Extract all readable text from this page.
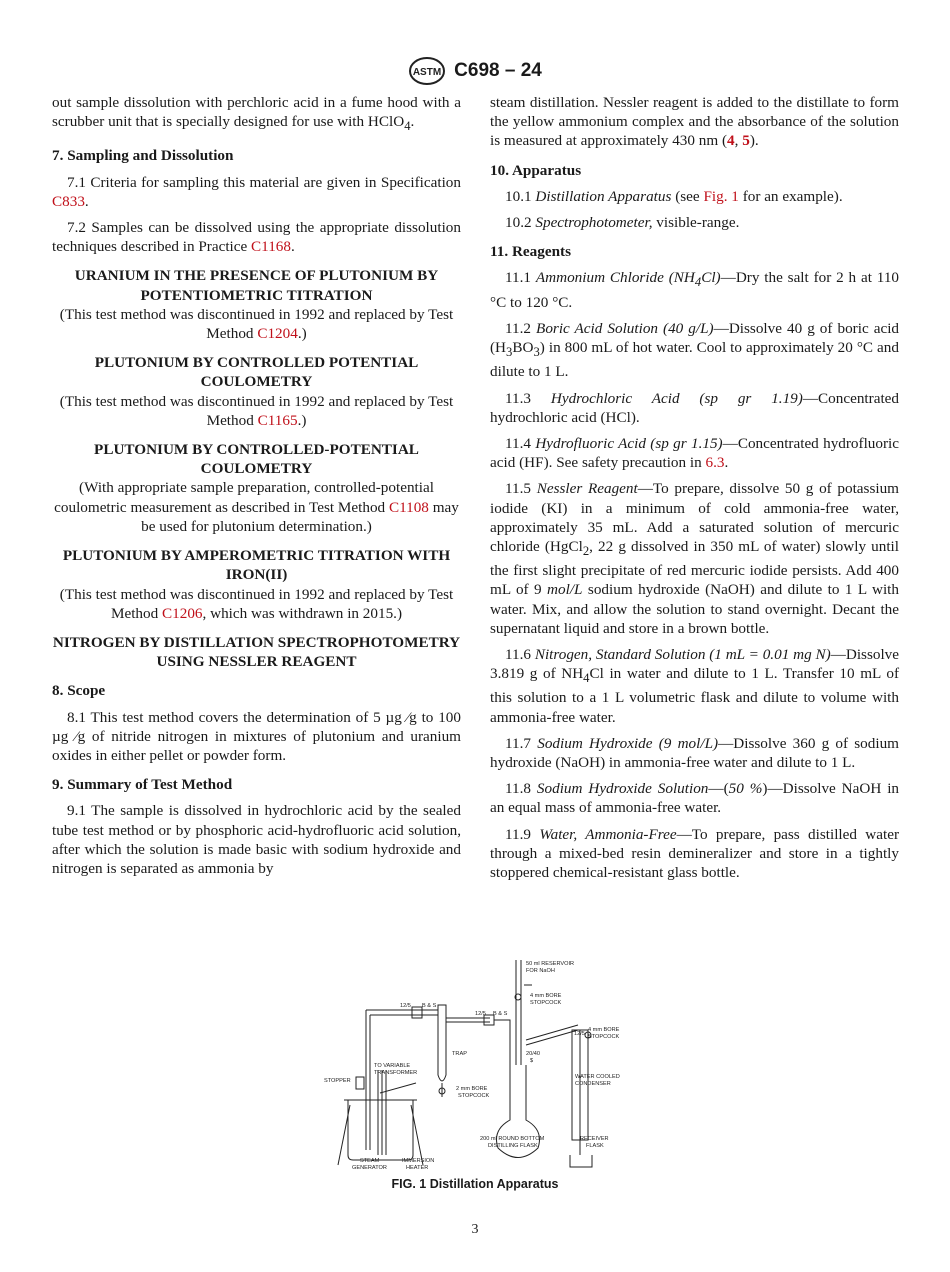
ASTM C698 – 24

out sample dissolution with perchloric acid in a fume hood with a scrubber unit that is specially designed for use with HClO$_4$.

7. Sampling and Dissolution

7.1 Criteria for sampling this material are given in Specification C833.

7.2 Samples can be dissolved using the appropriate dissolution techniques described in Practice C1168.

URANIUM IN THE PRESENCE OF PLUTONIUM BY POTENTIOMETRIC TITRATION

(This test method was discontinued in 1992 and replaced by Test Method C1204.)

PLUTONIUM BY CONTROLLED POTENTIAL COULOMETRY

(This test method was discontinued in 1992 and replaced by Test Method C1165.)

PLUTONIUM BY CONTROLLED-POTENTIAL COULOMETRY

(With appropriate sample preparation, controlled-potential coulometric measurement as described in Test Method C1108 may be used for plutonium determination.)

PLUTONIUM BY AMPEROMETRIC TITRATION WITH IRON(II)

(This test method was discontinued in 1992 and replaced by Test Method C1206, which was withdrawn in 2015.)

NITROGEN BY DISTILLATION SPECTROPHOTOMETRY USING NESSLER REAGENT
8. Scope

8.1 This test method covers the determination of 5 µg ⁄g to 100 µg ⁄g of nitride nitrogen in mixtures of plutonium and uranium oxides in either pellet or powder form.

9. Summary of Test Method

9.1 The sample is dissolved in hydrochloric acid by the sealed tube test method or by phosphoric acid-hydrofluoric acid solution, after which the solution is made basic with sodium hydroxide and nitrogen is separated as ammonia by

steam distillation. Nessler reagent is added to the distillate to form the yellow ammonium complex and the absorbance of the solution is measured at approximately 430 nm (4, 5).

10. Apparatus

10.1 Distillation Apparatus (see Fig. 1 for an example).

10.2 Spectrophotometer, visible-range.

11. Reagents

11.1 Ammonium Chloride $(NH_4Cl)—Dry$ the salt for 2 h at 110 °C to 120 °C.

11.2 Boric Acid Solution (40 g/L)—Dissolve 40 g of boric acid $(H_3BO_3)$ in 800 mL of hot water. Cool to approximately 20 °C and dilute to 1 L.

11.3 Hydrochloric Acid (sp gr 1.19)—Concentrated hydrochloric acid (HCl).

11.4 Hydrofluoric Acid (sp gr 1.15)—Concentrated hydrofluoric acid (HF). See safety precaution in 6.3.

11.5 Nessler Reagent—To prepare, dissolve 50 g of potassium iodide (KI) in a minimum of cold ammonia-free water, approximately 35 mL. Add a saturated solution of mercuric chloride (HgCl$_2$, 22 g dissolved in 350 mL of water) slowly until the first slight precipitate of red mercuric iodide persists. Add 400 mL of 9 mol/L sodium hydroxide (NaOH) and dilute to 1 L with water. Mix, and allow the solution to stand overnight. Decant the supernatant liquid and store in a brown bottle.

11.6 Nitrogen, Standard Solution (1 mL = 0.01 mg N)—Dissolve 3.819 g of $NH_4Cl$ in water and dilute to 1 L. Transfer 10 mL of this solution to a 1 L volumetric flask and dilute to volume with ammonia-free water.

11.7 Sodium Hydroxide (9 mol/L)—Dissolve 360 g of sodium hydroxide (NaOH) in ammonia-free water and dilute to 1 L.

11.8 Sodium Hydroxide Solution—(50 %)—Dissolve NaOH in an equal mass of ammonia-free water.

11.9 Water, Ammonia-Free—To prepare, pass distilled water through a mixed-bed resin demineralizer and store in a tightly stoppered chemical-resistant glass bottle.

50 ml RESERVOIR
FOR NaOH
4 mm BORE
STOPCOCK
12/5 B & S
12/5 B & S
4 mm BORE
STOPCOCK
12/5
TRAP	20/40
$
STOPPER
TO VARIABLE
TRANSFORMER
WATER COOLED
CONDENSER
2 mm BORE
STOPCOCK
200 ml ROUND BOTTOM
DISTILLING FLASK
RECEIVER
FLASK
STEAM
GENERATOR
IMMERSION
HEATER
FIG. 1 Distillation Apparatus
3
